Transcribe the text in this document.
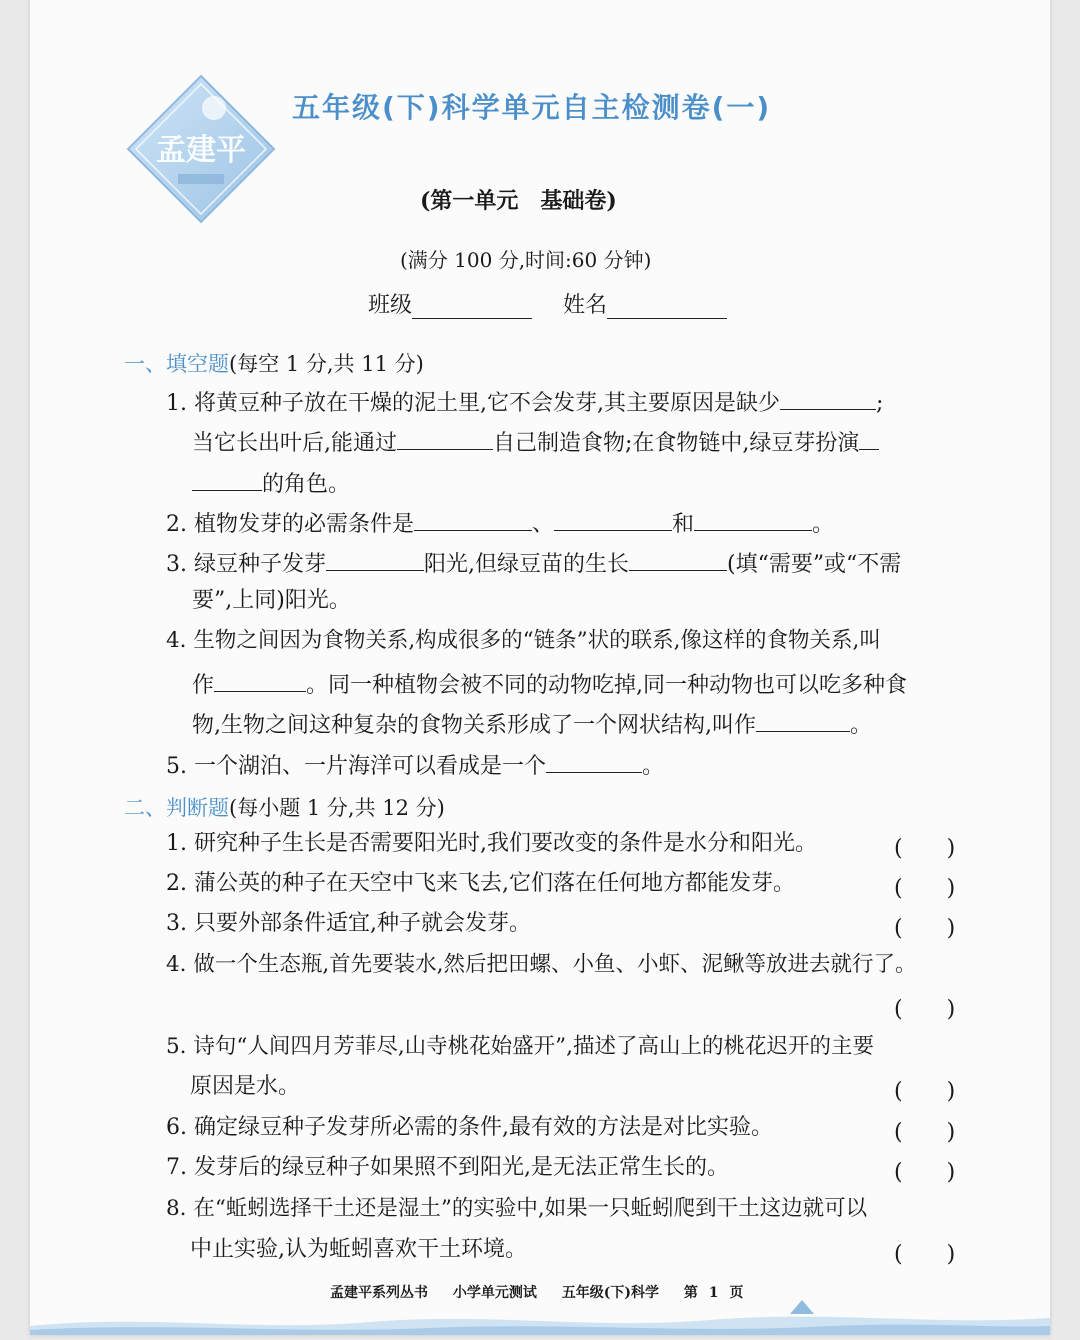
孟建平
五年级(下)科学单元自主检测卷(一)
(第一单元　基础卷)
(满分 100 分,时间:60 分钟)
班级	姓名
一、填空题(每空 1 分,共 11 分)
1. 将黄豆种子放在干燥的泥土里,它不会发芽,其主要原因是缺少	;
当它长出叶后,能通过	自己制造食物;在食物链中,绿豆芽扮演
的角色。
2. 植物发芽的必需条件是	、	和	。
3. 绿豆种子发芽	阳光,但绿豆苗的生长	(填“需要”或“不需
要”,上同)阳光。
4. 生物之间因为食物关系,构成很多的“链条”状的联系,像这样的食物关系,叫
作	。同一种植物会被不同的动物吃掉,同一种动物也可以吃多种食
物,生物之间这种复杂的食物关系形成了一个网状结构,叫作	。
5. 一个湖泊、一片海洋可以看成是一个	。
二、判断题(每小题 1 分,共 12 分)
1. 研究种子生长是否需要阳光时,我们要改变的条件是水分和阳光。	(　　)
2. 蒲公英的种子在天空中飞来飞去,它们落在任何地方都能发芽。	(　　)
3. 只要外部条件适宜,种子就会发芽。	(　　)
4. 做一个生态瓶,首先要装水,然后把田螺、小鱼、小虾、泥鳅等放进去就行了。
(　　)
5. 诗句“人间四月芳菲尽,山寺桃花始盛开”,描述了高山上的桃花迟开的主要
原因是水。	(　　)
6. 确定绿豆种子发芽所必需的条件,最有效的方法是对比实验。	(　　)
7. 发芽后的绿豆种子如果照不到阳光,是无法正常生长的。	(　　)
8. 在“蚯蚓选择干土还是湿土”的实验中,如果一只蚯蚓爬到干土这边就可以
中止实验,认为蚯蚓喜欢干土环境。	(　　)
孟建平系列丛书 小学单元测试 五年级(下)科学 第 1 页
